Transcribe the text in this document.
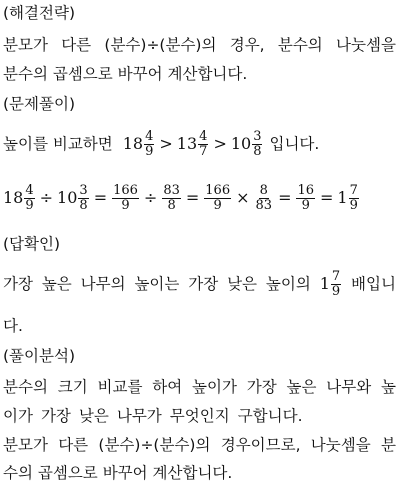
(해결전략)
분모가 다른 (분수)÷(분수)의 경우, 분수의 나눗셈을
분수의 곱셈으로 바꾸어 계산합니다.
(문제풀이)
높이를 비교하면 $18 \frac{4}{9} > 13 \frac{4}{7} > 10 \frac{3}{8}$ 입니다.
$18 \frac{4}{9} \div 10 \frac{3}{8} = \frac{166}{9} \div \frac{83}{8} = \frac{166}{9} \times \frac{8}{83} = \frac{16}{9} = 1 \frac{7}{9}$
(답확인)
가장 높은 나무의 높이는 가장 낮은 높이의 $1 \frac{7}{9}$ 배입니
다.
(풀이분석)
분수의 크기 비교를 하여 높이가 가장 높은 나무와 높
이가 가장 낮은 나무가 무엇인지 구합니다.
분모가 다른 (분수)÷(분수)의 경우이므로, 나눗셈을 분
수의 곱셈으로 바꾸어 계산합니다.
